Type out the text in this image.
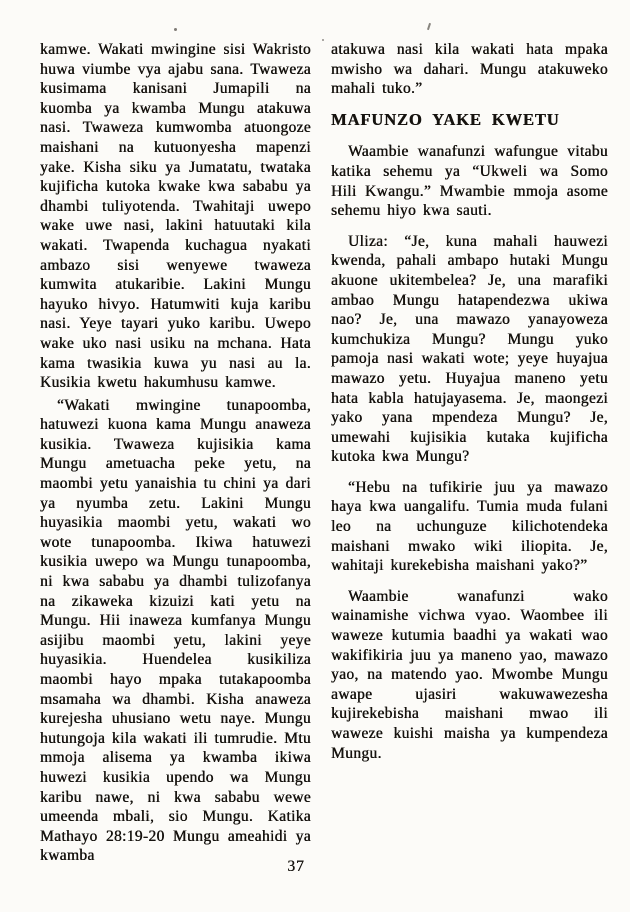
kamwe. Wakati mwingine sisi Wakristo huwa viumbe vya ajabu sana. Twaweza kusimama kanisani Jumapili na kuomba ya kwamba Mungu atakuwa nasi. Twaweza kumwomba atuongoze maishani na kutuonyesha mapenzi yake. Kisha siku ya Jumatatu, twataka kujificha kutoka kwake kwa sababu ya dhambi tuliyotenda. Twahitaji uwepo wake uwe nasi, lakini hatuutaki kila wakati. Twapenda kuchagua nyakati ambazo sisi wenyewe twaweza kumwita atukaribie. Lakini Mungu hayuko hivyo. Hatumwiti kuja karibu nasi. Yeye tayari yuko karibu. Uwepo wake uko nasi usiku na mchana. Hata kama twasikia kuwa yu nasi au la. Kusikia kwetu hakumhusu kamwe.

“Wakati mwingine tunapoomba, hatuwezi kuona kama Mungu anaweza kusikia. Twaweza kujisikia kama Mungu ametuacha peke yetu, na maombi yetu yanaishia tu chini ya dari ya nyumba zetu. Lakini Mungu huyasikia maombi yetu, wakati wo wote tunapoomba. Ikiwa hatuwezi kusikia uwepo wa Mungu tunapoomba, ni kwa sababu ya dhambi tulizofanya na zikaweka kizuizi kati yetu na Mungu. Hii inaweza kumfanya Mungu asijibu maombi yetu, lakini yeye huyasikia. Huendelea kusikiliza maombi hayo mpaka tutakapoomba msamaha wa dhambi. Kisha anaweza kurejesha uhusiano wetu naye. Mungu hutungoja kila wakati ili tumrudie. Mtu mmoja alisema ya kwamba ikiwa huwezi kusikia upendo wa Mungu karibu nawe, ni kwa sababu wewe umeenda mbali, sio Mungu. Katika Mathayo 28:19-20 Mungu ameahidi ya kwamba

atakuwa nasi kila wakati hata mpaka mwisho wa dahari. Mungu atakuweko mahali tuko.”

MAFUNZO YAKE KWETU

Waambie wanafunzi wafungue vitabu katika sehemu ya “Ukweli wa Somo Hili Kwangu.” Mwambie mmoja asome sehemu hiyo kwa sauti.

Uliza: “Je, kuna mahali hauwezi kwenda, pahali ambapo hutaki Mungu akuone ukitembelea? Je, una marafiki ambao Mungu hatapendezwa ukiwa nao? Je, una mawazo yanayoweza kumchukiza Mungu? Mungu yuko pamoja nasi wakati wote; yeye huyajua mawazo yetu. Huyajua maneno yetu hata kabla hatujayasema. Je, maongezi yako yana mpendeza Mungu? Je, umewahi kujisikia kutaka kujificha kutoka kwa Mungu?

“Hebu na tufikirie juu ya mawazo haya kwa uangalifu. Tumia muda fulani leo na uchunguze kilichotendeka maishani mwako wiki iliopita. Je, wahitaji kurekebisha maishani yako?”

Waambie wanafunzi wako wainamishe vichwa vyao. Waombee ili waweze kutumia baadhi ya wakati wao wakifikiria juu ya maneno yao, mawazo yao, na matendo yao. Mwombe Mungu awape ujasiri wakuwawezesha kujirekebisha maishani mwao ili waweze kuishi maisha ya kumpendeza Mungu.

37
